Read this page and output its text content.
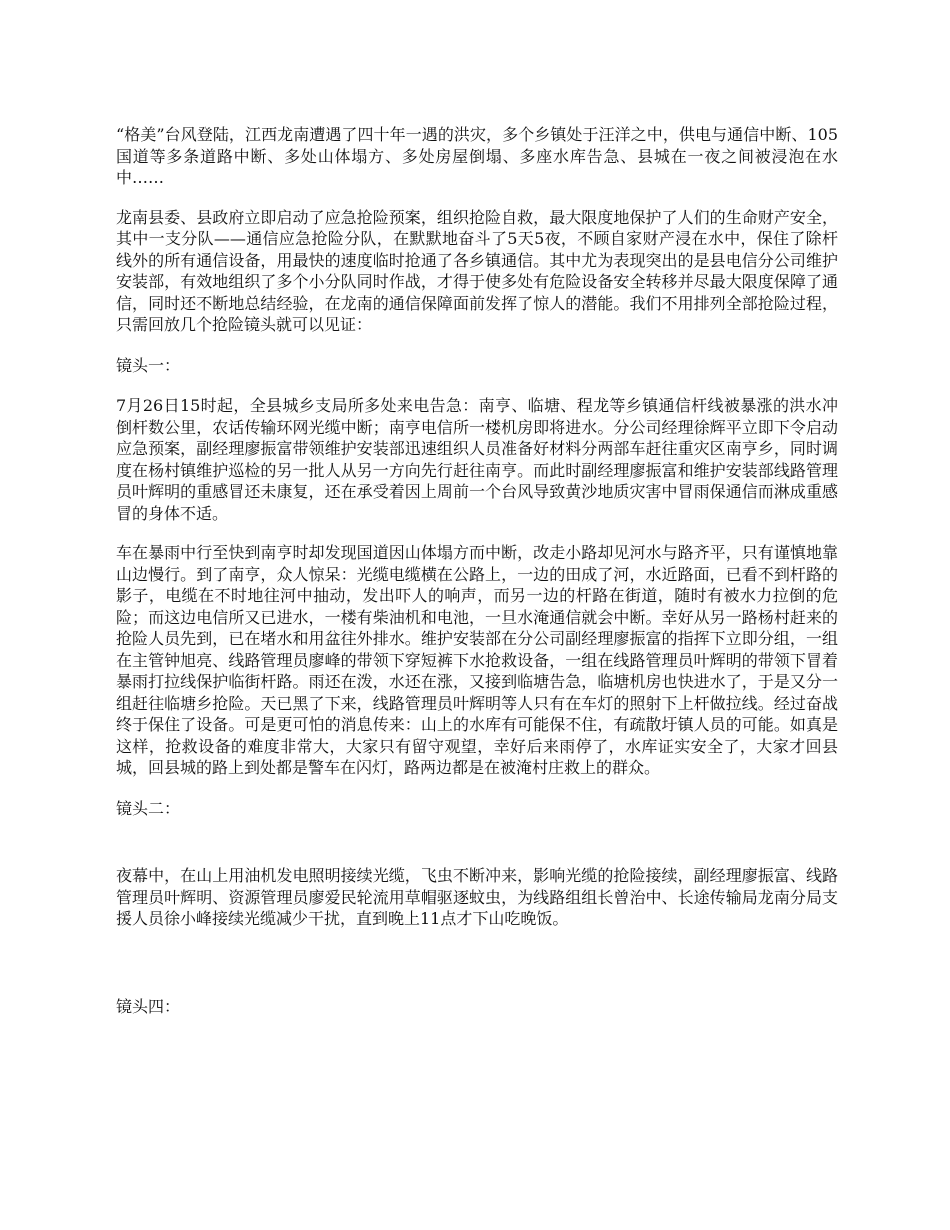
“格美”台风登陆，江西龙南遭遇了四十年一遇的洪灾，多个乡镇处于汪洋之中，供电与通信中断、105国道等多条道路中断、多处山体塌方、多处房屋倒塌、多座水库告急、县城在一夜之间被浸泡在水中……

龙南县委、县政府立即启动了应急抢险预案，组织抢险自救，最大限度地保护了人们的生命财产安全，其中一支分队——通信应急抢险分队，在默默地奋斗了5天5夜，不顾自家财产浸在水中，保住了除杆线外的所有通信设备，用最快的速度临时抢通了各乡镇通信。其中尤为表现突出的是县电信分公司维护安装部，有效地组织了多个小分队同时作战，才得于使多处有危险设备安全转移并尽最大限度保障了通信，同时还不断地总结经验，在龙南的通信保障面前发挥了惊人的潜能。我们不用排列全部抢险过程，只需回放几个抢险镜头就可以见证：

镜头一：

7月26日15时起，全县城乡支局所多处来电告急：南亨、临塘、程龙等乡镇通信杆线被暴涨的洪水冲倒杆数公里，农话传输环网光缆中断；南亨电信所一楼机房即将进水。分公司经理徐辉平立即下令启动应急预案，副经理廖振富带领维护安装部迅速组织人员准备好材料分两部车赶往重灾区南亨乡，同时调度在杨村镇维护巡检的另一批人从另一方向先行赶往南亨。而此时副经理廖振富和维护安装部线路管理员叶辉明的重感冒还未康复，还在承受着因上周前一个台风导致黄沙地质灾害中冒雨保通信而淋成重感冒的身体不适。

车在暴雨中行至快到南亨时却发现国道因山体塌方而中断，改走小路却见河水与路齐平，只有谨慎地靠山边慢行。到了南亨，众人惊呆：光缆电缆横在公路上，一边的田成了河，水近路面，已看不到杆路的影子，电缆在不时地往河中抽动，发出吓人的响声，而另一边的杆路在街道，随时有被水力拉倒的危险；而这边电信所又已进水，一楼有柴油机和电池，一旦水淹通信就会中断。幸好从另一路杨村赶来的抢险人员先到，已在堵水和用盆往外排水。维护安装部在分公司副经理廖振富的指挥下立即分组，一组在主管钟旭亮、线路管理员廖峰的带领下穿短裤下水抢救设备，一组在线路管理员叶辉明的带领下冒着暴雨打拉线保护临街杆路。雨还在泼，水还在涨，又接到临塘告急，临塘机房也快进水了，于是又分一组赶往临塘乡抢险。天已黑了下来，线路管理员叶辉明等人只有在车灯的照射下上杆做拉线。经过奋战终于保住了设备。可是更可怕的消息传来：山上的水库有可能保不住，有疏散圩镇人员的可能。如真是这样，抢救设备的难度非常大，大家只有留守观望，幸好后来雨停了，水库证实安全了，大家才回县城，回县城的路上到处都是警车在闪灯，路两边都是在被淹村庄救上的群众。

镜头二：

夜幕中，在山上用油机发电照明接续光缆，飞虫不断冲来，影响光缆的抢险接续，副经理廖振富、线路管理员叶辉明、资源管理员廖爱民轮流用草帽驱逐蚊虫，为线路组组长曾治中、长途传输局龙南分局支援人员徐小峰接续光缆减少干扰，直到晚上11点才下山吃晚饭。

镜头四：
